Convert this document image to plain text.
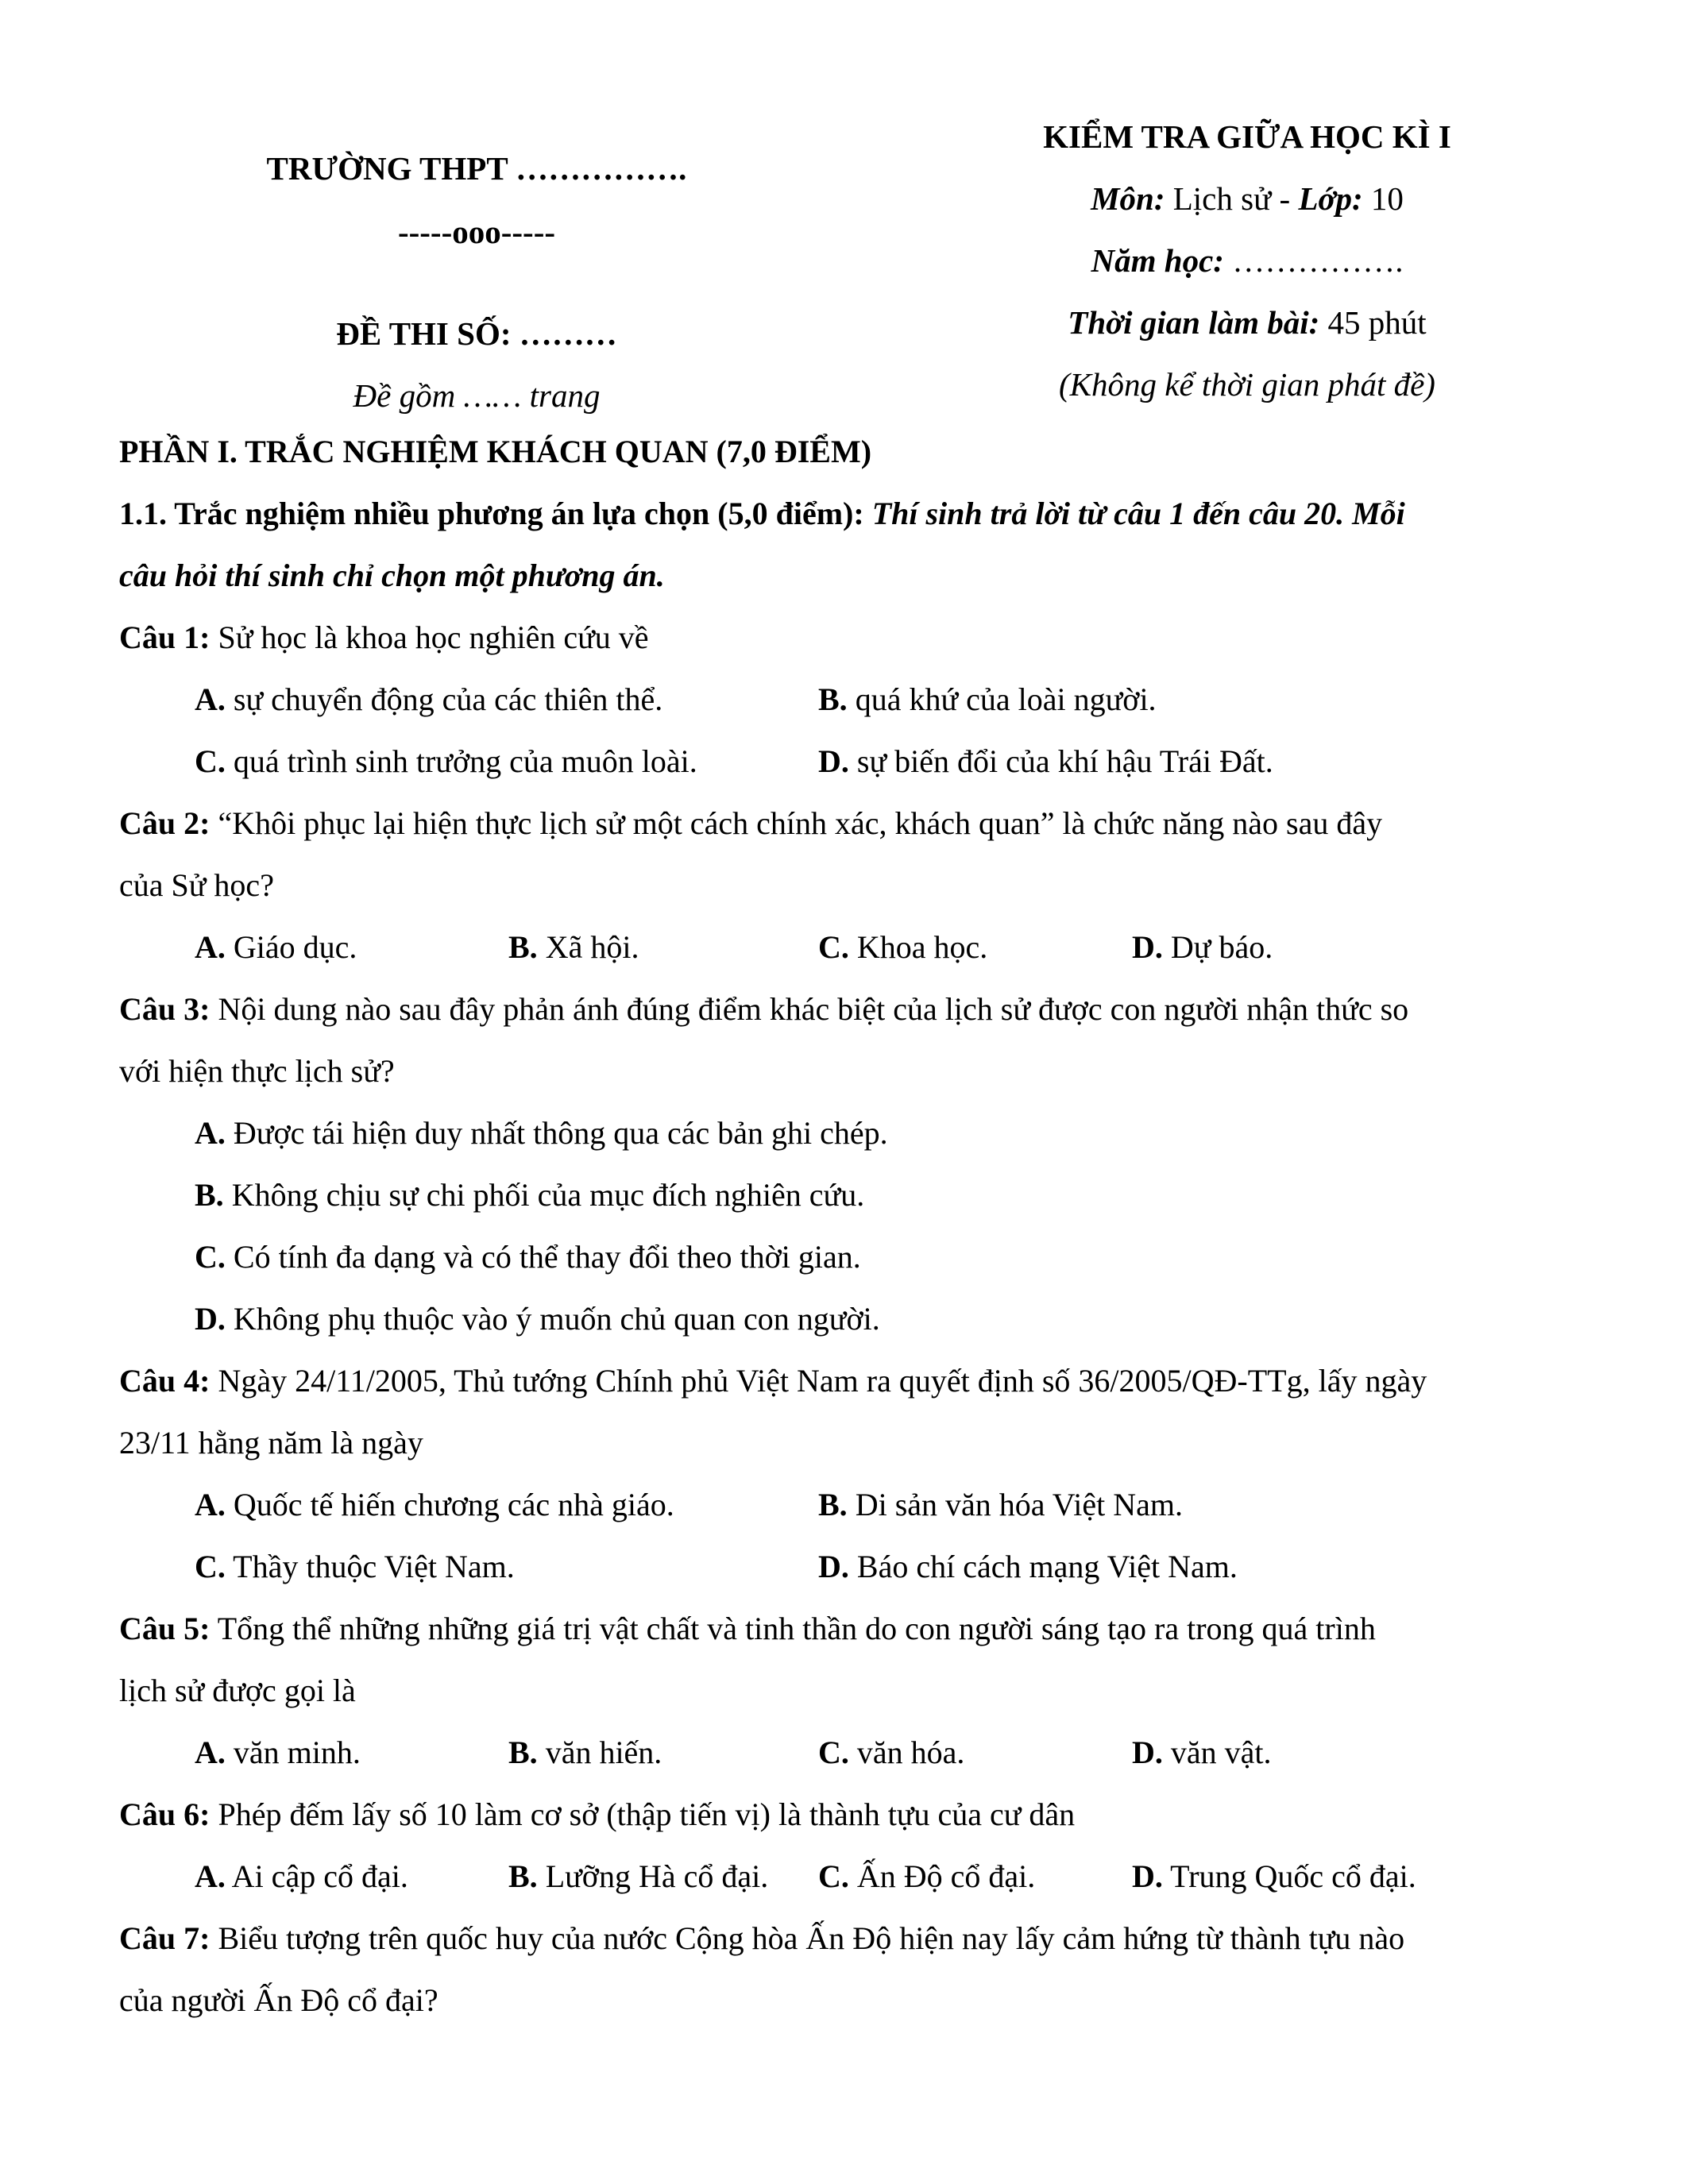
TRƯỜNG THPT …………….
-----ooo-----
ĐỀ THI SỐ: ………
Đề gồm …… trang
KIỂM TRA GIỮA HỌC KÌ I
Môn: Lịch sử - Lớp: 10
Năm học: …………….
Thời gian làm bài: 45 phút
(Không kể thời gian phát đề)
PHẦN I. TRẮC NGHIỆM KHÁCH QUAN (7,0 ĐIỂM)
1.1. Trắc nghiệm nhiều phương án lựa chọn (5,0 điểm): Thí sinh trả lời từ câu 1 đến câu 20. Mỗi
câu hỏi thí sinh chỉ chọn một phương án.
Câu 1: Sử học là khoa học nghiên cứu về
A. sự chuyển động của các thiên thể.	B. quá khứ của loài người.
C. quá trình sinh trưởng của muôn loài.	D. sự biến đổi của khí hậu Trái Đất.
Câu 2: “Khôi phục lại hiện thực lịch sử một cách chính xác, khách quan” là chức năng nào sau đây
của Sử học?
A. Giáo dục.	B. Xã hội.	C. Khoa học.	D. Dự báo.
Câu 3: Nội dung nào sau đây phản ánh đúng điểm khác biệt của lịch sử được con người nhận thức so
với hiện thực lịch sử?
A. Được tái hiện duy nhất thông qua các bản ghi chép.
B. Không chịu sự chi phối của mục đích nghiên cứu.
C. Có tính đa dạng và có thể thay đổi theo thời gian.
D. Không phụ thuộc vào ý muốn chủ quan con người.
Câu 4: Ngày 24/11/2005, Thủ tướng Chính phủ Việt Nam ra quyết định số 36/2005/QĐ-TTg, lấy ngày
23/11 hằng năm là ngày
A. Quốc tế hiến chương các nhà giáo.	B. Di sản văn hóa Việt Nam.
C. Thầy thuộc Việt Nam.	D. Báo chí cách mạng Việt Nam.
Câu 5: Tổng thể những những giá trị vật chất và tinh thần do con người sáng tạo ra trong quá trình
lịch sử được gọi là
A. văn minh.	B. văn hiến.	C. văn hóa.	D. văn vật.
Câu 6: Phép đếm lấy số 10 làm cơ sở (thập tiến vị) là thành tựu của cư dân
A. Ai cập cổ đại.	B. Lưỡng Hà cổ đại. C. Ấn Độ cổ đại.	D. Trung Quốc cổ đại.
Câu 7: Biểu tượng trên quốc huy của nước Cộng hòa Ấn Độ hiện nay lấy cảm hứng từ thành tựu nào
của người Ấn Độ cổ đại?
